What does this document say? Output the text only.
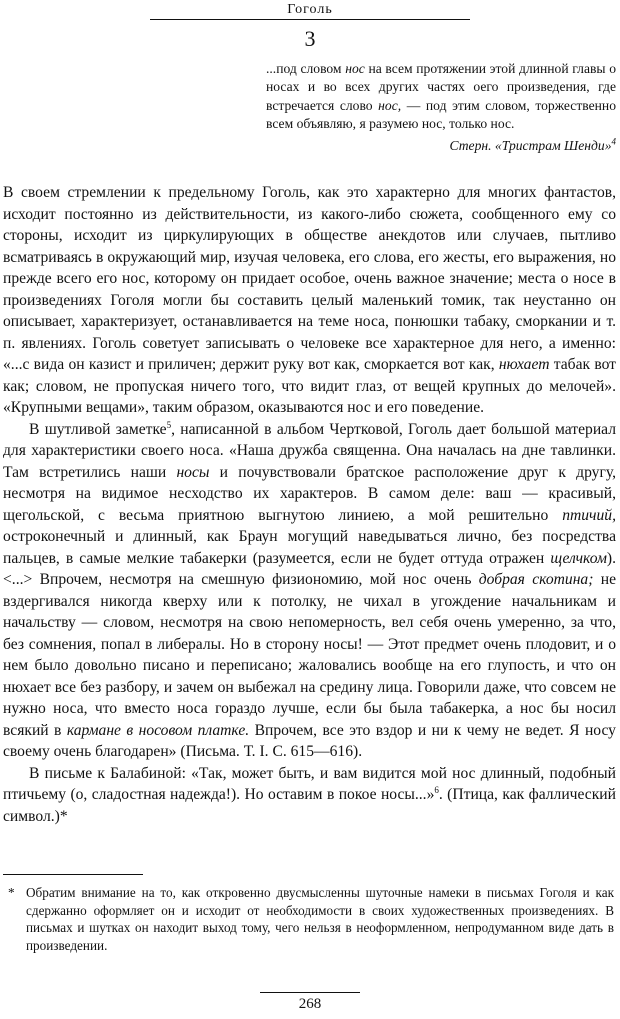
Гоголь
3

...под словом нос на всем протяжении этой длинной главы о носах и во всех других частях оего произведения, где встречается слово нос, — под этим словом, торжественно всем объявляю, я разумею нос, только нос.

Стерн. «Тристрам Шенди»$^4$

В своем стремлении к предельному Гоголь, как это характерно для многих фантастов, исходит постоянно из действительности, из какого-либо сюжета, сообщенного ему со стороны, исходит из циркулирующих в обществе анекдотов или случаев, пытливо всматриваясь в окружающий мир, изучая человека, его слова, его жесты, его выражения, но прежде всего его нос, которому он придает особое, очень важное значение; места о носе в произведениях Гоголя могли бы составить целый маленький томик, так неустанно он описывает, характеризует, останавливается на теме носа, понюшки табаку, сморкании и т. п. явлениях. Гоголь советует записывать о человеке все характерное для него, а именно: «...с вида он казист и приличен; держит руку вот как, сморкается вот как, нюхает табак вот как; словом, не пропуская ничего того, что видит глаз, от вещей крупных до мелочей». «Крупными вещами», таким образом, оказываются нос и его поведение.

В шутливой заметке$^5$, написанной в альбом Чертковой, Гоголь дает большой материал для характеристики своего носа. «Наша дружба священна. Она началась на дне тавлинки. Там встретились наши носы и почувствовали братское расположение друг к другу, несмотря на видимое несходство их характеров. В самом деле: ваш — красивый, щегольской, с весьма приятною выгнутою линиею, а мой решительно птичий, остроконечный и длинный, как Браун могущий наведываться лично, без посредства пальцев, в самые мелкие табакерки (разумеется, если не будет оттуда отражен щелчком). <...> Впрочем, несмотря на смешную физиономию, мой нос очень добрая скотина; не вздергивался никогда кверху или к потолку, не чихал в угождение начальникам и начальству — словом, несмотря на свою непомерность, вел себя очень умеренно, за что, без сомнения, попал в либералы. Но в сторону носы! — Этот предмет очень плодовит, и о нем было довольно писано и переписано; жаловались вообще на его глупость, и что он нюхает все без разбору, и зачем он выбежал на средину лица. Говорили даже, что совсем не нужно носа, что вместо носа гораздо лучше, если бы была табакерка, а нос бы носил всякий в кармане в носовом платке. Впрочем, все это вздор и ни к чему не ведет. Я носу своему очень благодарен» (Письма. Т. I. С. 615—616).

В письме к Балабиной: «Так, может быть, и вам видится мой нос длинный, подобный птичьему (о, сладостная надежда!). Но оставим в покое носы...»$^6$. (Птица, как фаллический символ.)*

* Обратим внимание на то, как откровенно двусмысленны шуточные намеки в письмах Гоголя и как сдержанно оформляет он и исходит от необходимости в своих художественных произведениях. В письмах и шутках он находит выход тому, чего нельзя в неоформленном, непродуманном виде дать в произведении.
268
